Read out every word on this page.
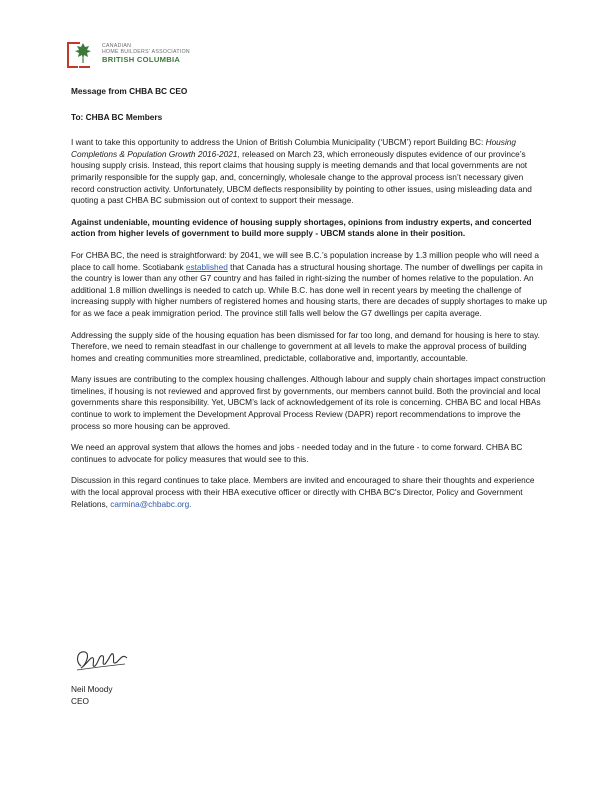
CANADIAN
HOME BUILDERS' ASSOCIATION
BRITISH COLUMBIA

Message from CHBA BC CEO

To: CHBA BC Members

I want to take this opportunity to address the Union of British Columbia Municipality (‘UBCM’) report Building BC: Housing Completions & Population Growth 2016-2021, released on March 23, which erroneously disputes evidence of our province’s housing supply crisis. Instead, this report claims that housing supply is meeting demands and that local governments are not primarily responsible for the supply gap, and, concerningly, wholesale change to the approval process isn’t necessary given record construction activity. Unfortunately, UBCM deflects responsibility by pointing to other issues, using misleading data and quoting a past CHBA BC submission out of context to support their message.

Against undeniable, mounting evidence of housing supply shortages, opinions from industry experts, and concerted action from higher levels of government to build more supply - UBCM stands alone in their position.

For CHBA BC, the need is straightforward: by 2041, we will see B.C.’s population increase by 1.3 million people who will need a place to call home. Scotiabank established that Canada has a structural housing shortage. The number of dwellings per capita in the country is lower than any other G7 country and has failed in right-sizing the number of homes relative to the population. An additional 1.8 million dwellings is needed to catch up. While B.C. has done well in recent years by meeting the challenge of increasing supply with higher numbers of registered homes and housing starts, there are decades of supply shortages to make up for as we face a peak immigration period. The province still falls well below the G7 dwellings per capita average.

Addressing the supply side of the housing equation has been dismissed for far too long, and demand for housing is here to stay. Therefore, we need to remain steadfast in our challenge to government at all levels to make the approval process of building homes and creating communities more streamlined, predictable, collaborative and, importantly, accountable.

Many issues are contributing to the complex housing challenges. Although labour and supply chain shortages impact construction timelines, if housing is not reviewed and approved first by governments, our members cannot build. Both the provincial and local governments share this responsibility. Yet, UBCM’s lack of acknowledgement of its role is concerning. CHBA BC and local HBAs continue to work to implement the Development Approval Process Review (DAPR) report recommendations to improve the process so more housing can be approved.

We need an approval system that allows the homes and jobs - needed today and in the future - to come forward. CHBA BC continues to advocate for policy measures that would see to this.

Discussion in this regard continues to take place. Members are invited and encouraged to share their thoughts and experience with the local approval process with their HBA executive officer or directly with CHBA BC's Director, Policy and Government Relations, carmina@chbabc.org.

Neil Moody
CEO
